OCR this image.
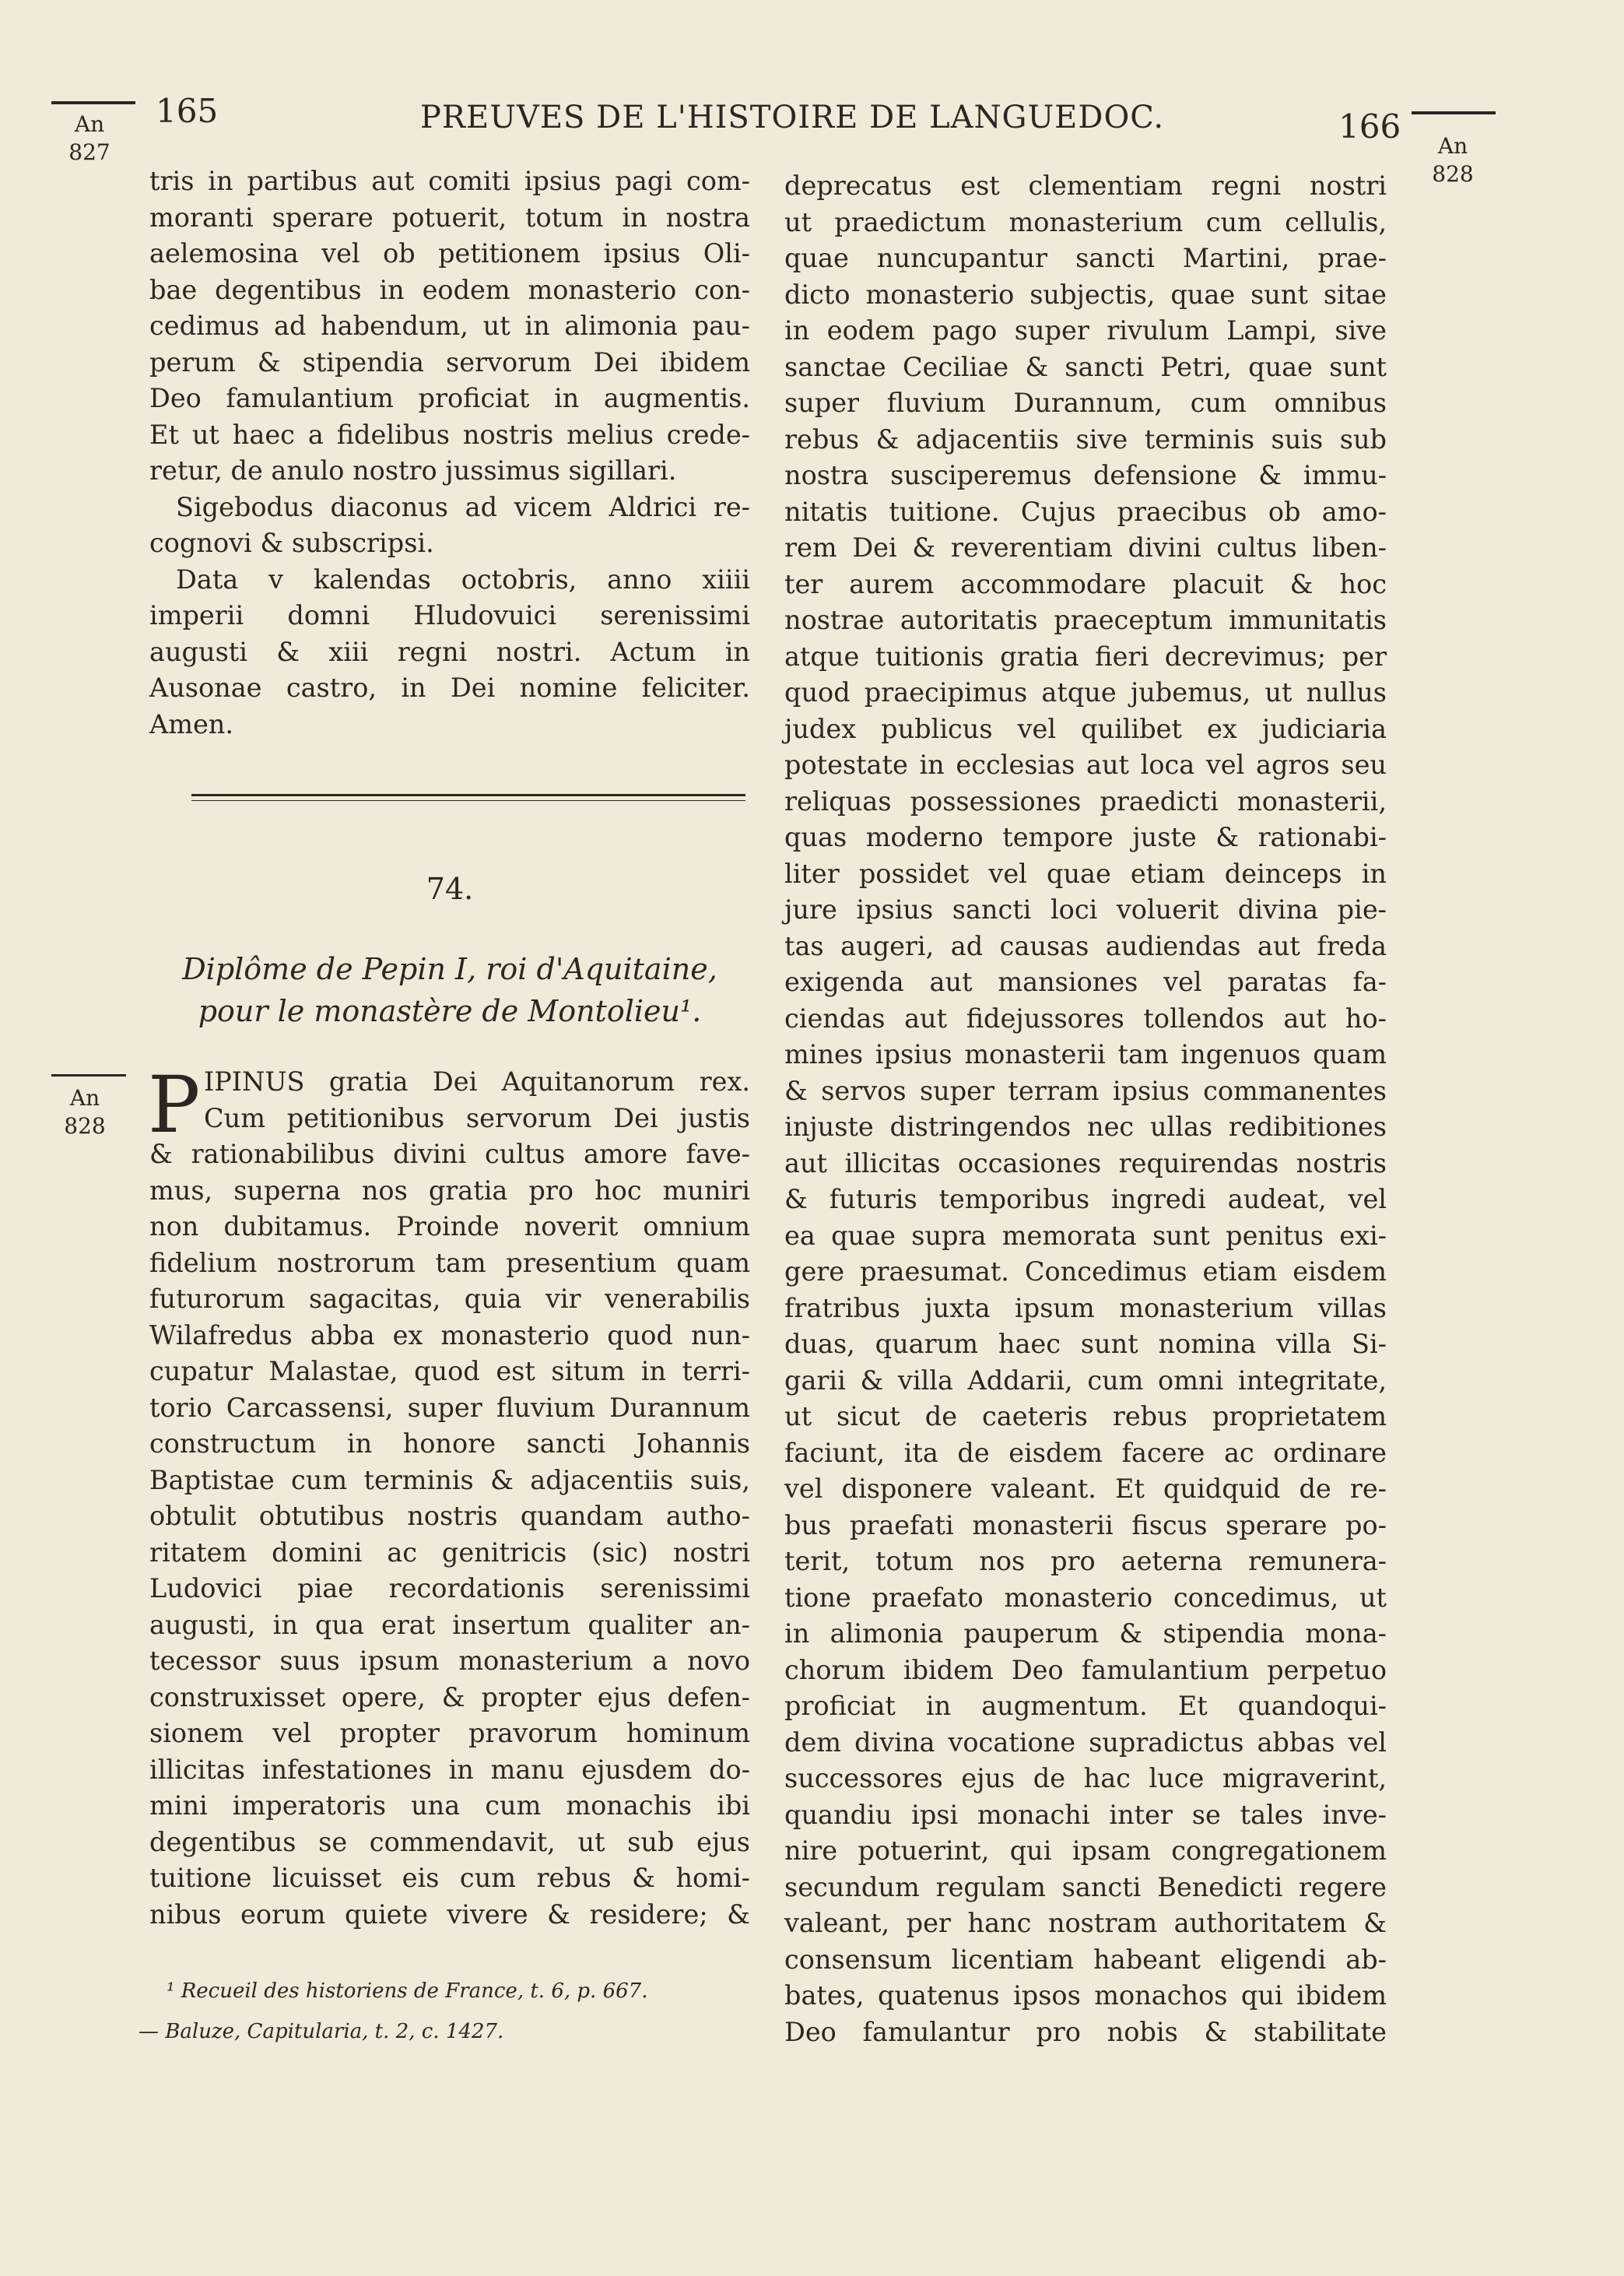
165	PREUVES DE L'HISTOIRE DE LANGUEDOC.	166
An
827
An
828
An
828

tris in partibus aut comiti ipsius pagi com-

moranti sperare potuerit, totum in nostra

aelemosina vel ob petitionem ipsius Oli-

bae degentibus in eodem monasterio con-

cedimus ad habendum, ut in alimonia pau-

perum & stipendia servorum Dei ibidem

Deo famulantium proficiat in augmentis.

Et ut haec a fidelibus nostris melius crede-

retur, de anulo nostro jussimus sigillari.

Sigebodus diaconus ad vicem Aldrici re-

cognovi & subscripsi.

Data v kalendas octobris, anno xiiii

imperii domni Hludovuici serenissimi

augusti & xiii regni nostri. Actum in

Ausonae castro, in Dei nomine feliciter.

Amen.

74.
Diplôme de Pepin I, roi d'Aquitaine,
pour le monastère de Montolieu¹.
P IPINUS gratia Dei Aquitanorum rex.

Cum petitionibus servorum Dei justis

& rationabilibus divini cultus amore fave-

mus, superna nos gratia pro hoc muniri

non dubitamus. Proinde noverit omnium

fidelium nostrorum tam presentium quam

futurorum sagacitas, quia vir venerabilis

Wilafredus abba ex monasterio quod nun-

cupatur Malastae, quod est situm in terri-

torio Carcassensi, super fluvium Durannum

constructum in honore sancti Johannis

Baptistae cum terminis & adjacentiis suis,

obtulit obtutibus nostris quandam autho-

ritatem domini ac genitricis (sic) nostri

Ludovici piae recordationis serenissimi

augusti, in qua erat insertum qualiter an-

tecessor suus ipsum monasterium a novo

construxisset opere, & propter ejus defen-

sionem vel propter pravorum hominum

illicitas infestationes in manu ejusdem do-

mini imperatoris una cum monachis ibi

degentibus se commendavit, ut sub ejus

tuitione licuisset eis cum rebus & homi-

nibus eorum quiete vivere & residere; &

¹ Recueil des historiens de France, t. 6, p. 667.
— Baluze, Capitularia, t. 2, c. 1427.

deprecatus est clementiam regni nostri

ut praedictum monasterium cum cellulis,

quae nuncupantur sancti Martini, prae-

dicto monasterio subjectis, quae sunt sitae

in eodem pago super rivulum Lampi, sive

sanctae Ceciliae & sancti Petri, quae sunt

super fluvium Durannum, cum omnibus

rebus & adjacentiis sive terminis suis sub

nostra susciperemus defensione & immu-

nitatis tuitione. Cujus praecibus ob amo-

rem Dei & reverentiam divini cultus liben-

ter aurem accommodare placuit & hoc

nostrae autoritatis praeceptum immunitatis

atque tuitionis gratia fieri decrevimus; per

quod praecipimus atque jubemus, ut nullus

judex publicus vel quilibet ex judiciaria

potestate in ecclesias aut loca vel agros seu

reliquas possessiones praedicti monasterii,

quas moderno tempore juste & rationabi-

liter possidet vel quae etiam deinceps in

jure ipsius sancti loci voluerit divina pie-

tas augeri, ad causas audiendas aut freda

exigenda aut mansiones vel paratas fa-

ciendas aut fidejussores tollendos aut ho-

mines ipsius monasterii tam ingenuos quam

& servos super terram ipsius commanentes

injuste distringendos nec ullas redibitiones

aut illicitas occasiones requirendas nostris

& futuris temporibus ingredi audeat, vel

ea quae supra memorata sunt penitus exi-

gere praesumat. Concedimus etiam eisdem

fratribus juxta ipsum monasterium villas

duas, quarum haec sunt nomina villa Si-

garii & villa Addarii, cum omni integritate,

ut sicut de caeteris rebus proprietatem

faciunt, ita de eisdem facere ac ordinare

vel disponere valeant. Et quidquid de re-

bus praefati monasterii fiscus sperare po-

terit, totum nos pro aeterna remunera-

tione praefato monasterio concedimus, ut

in alimonia pauperum & stipendia mona-

chorum ibidem Deo famulantium perpetuo

proficiat in augmentum. Et quandoqui-

dem divina vocatione supradictus abbas vel

successores ejus de hac luce migraverint,

quandiu ipsi monachi inter se tales inve-

nire potuerint, qui ipsam congregationem

secundum regulam sancti Benedicti regere

valeant, per hanc nostram authoritatem &

consensum licentiam habeant eligendi ab-

bates, quatenus ipsos monachos qui ibidem

Deo famulantur pro nobis & stabilitate
